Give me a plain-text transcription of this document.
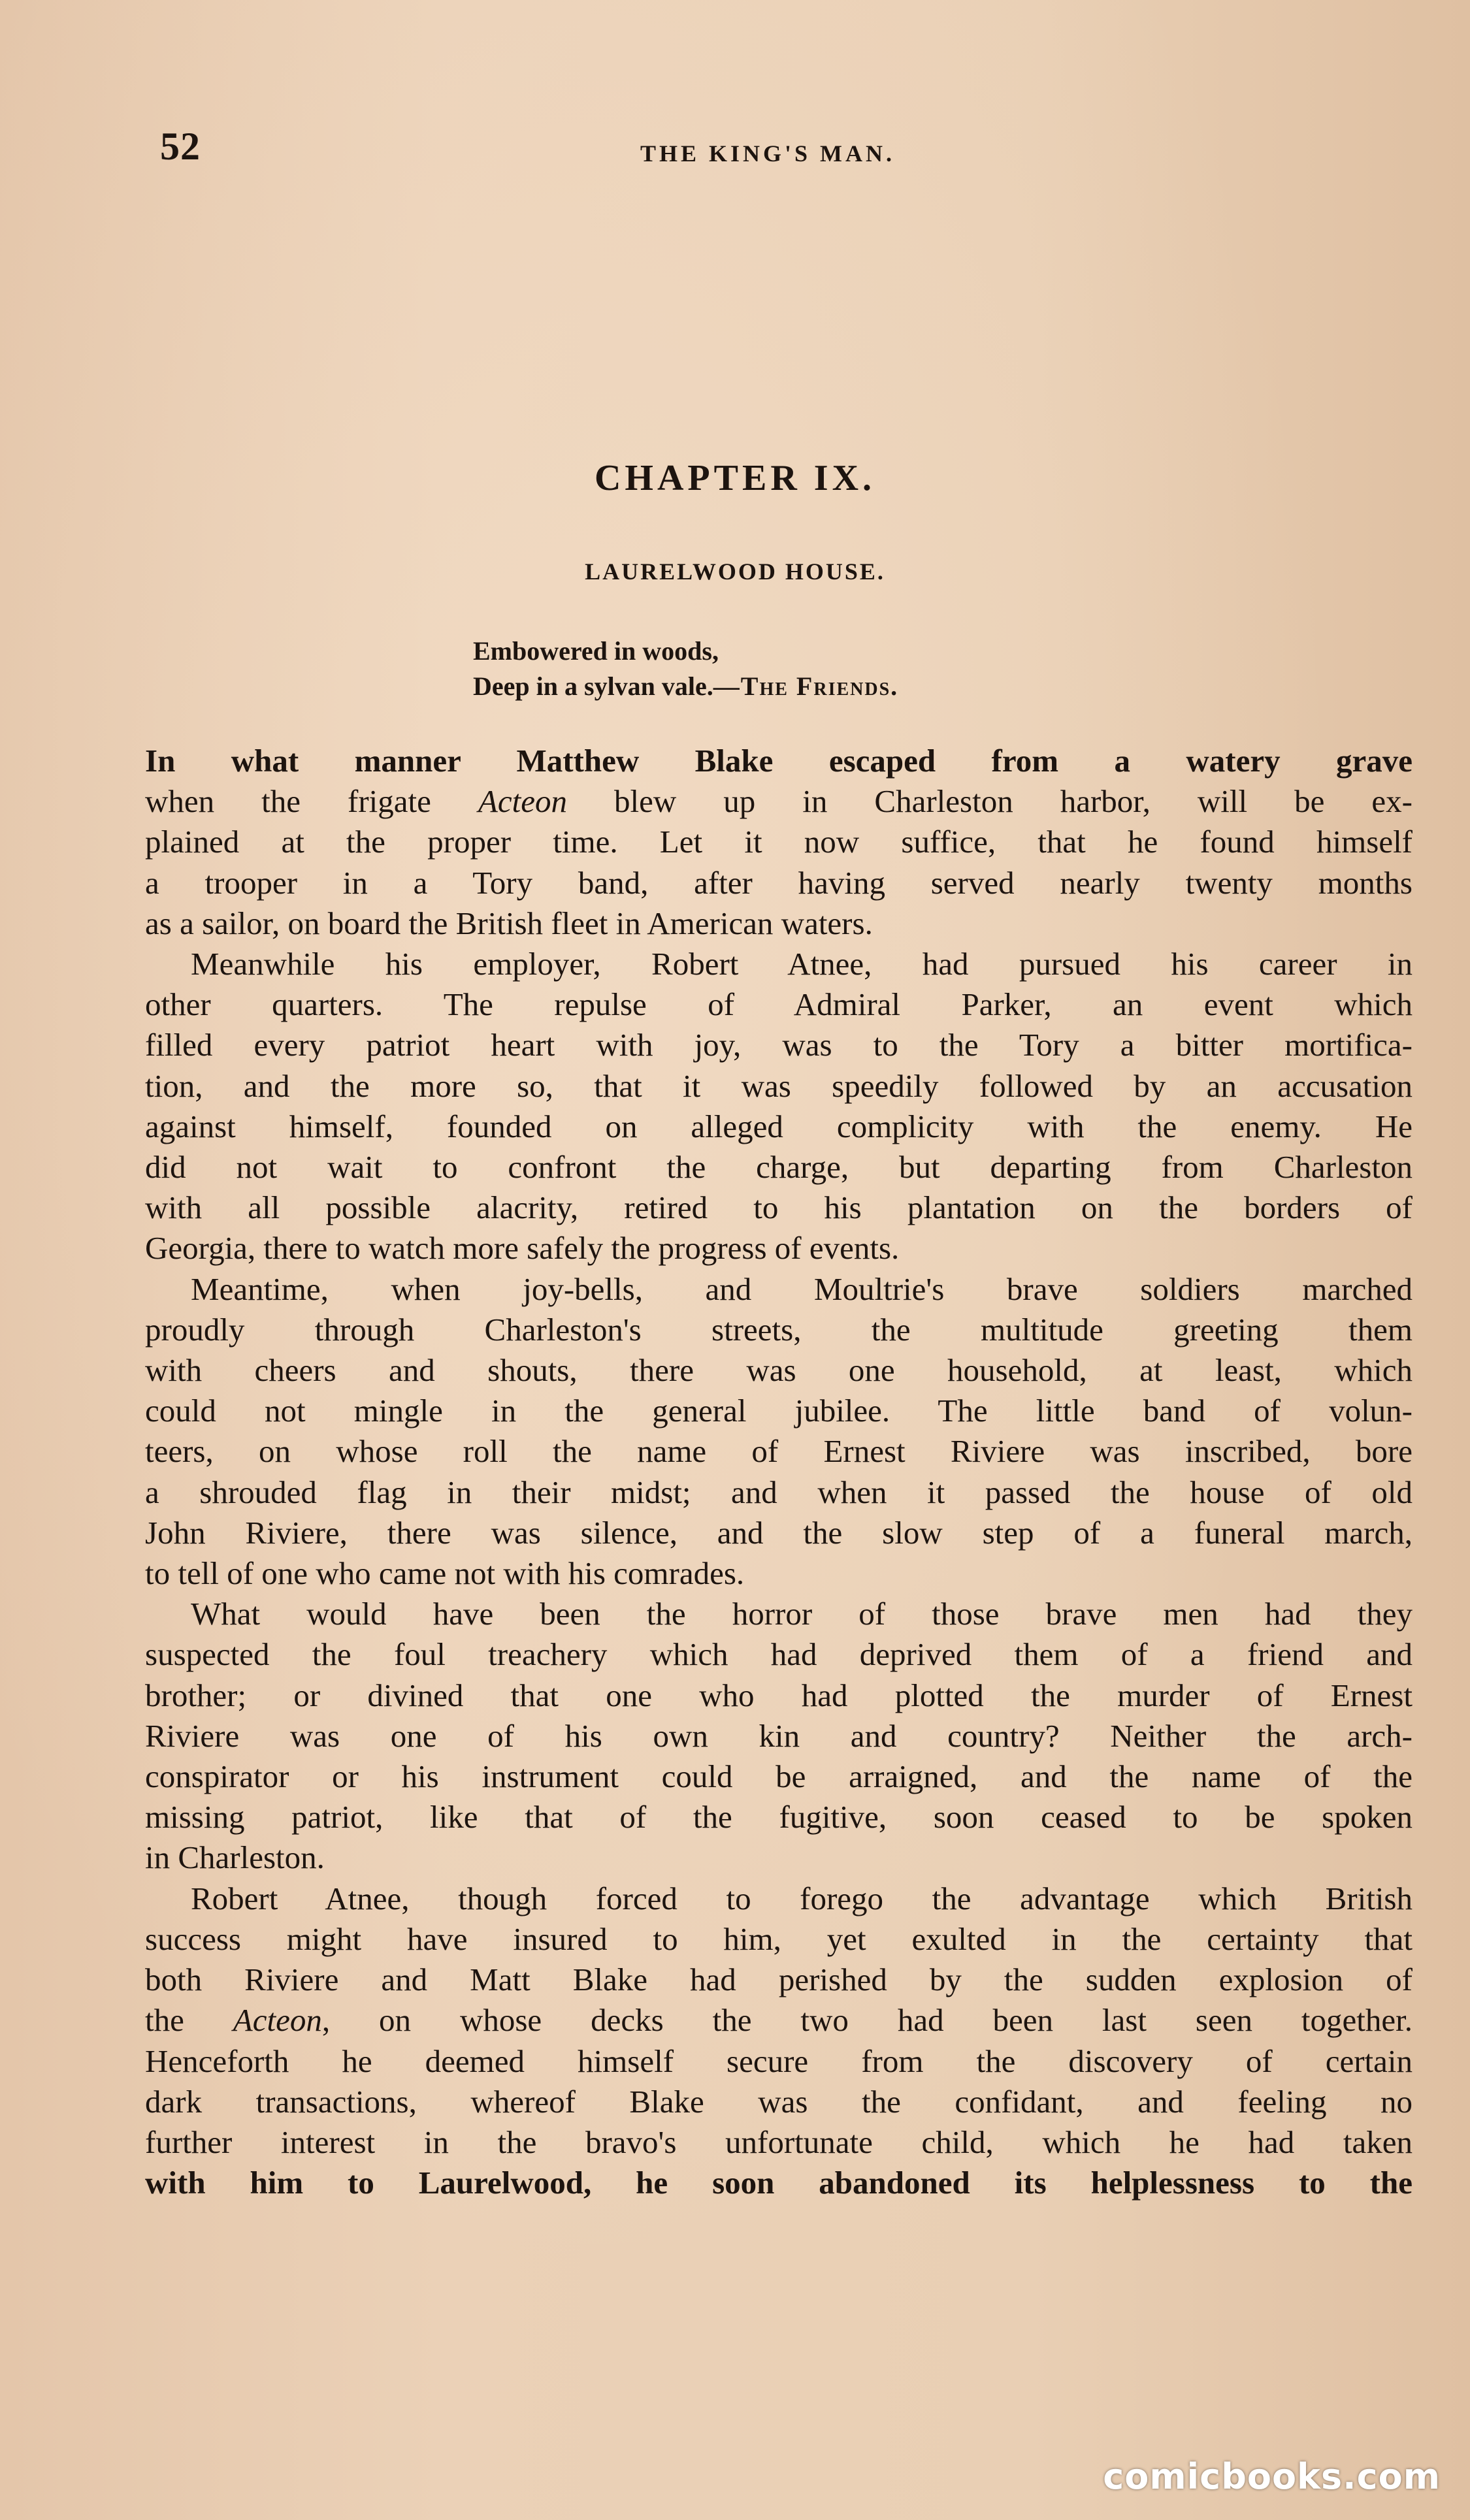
52	THE KING'S MAN.
CHAPTER IX.
LAURELWOOD HOUSE.
Embowered in woods,
Deep in a sylvan vale.—The Friends.
In what manner Matthew Blake escaped from a watery grave
when the frigate Acteon blew up in Charleston harbor, will be ex-
plained at the proper time. Let it now suffice, that he found himself
a trooper in a Tory band, after having served nearly twenty months
as a sailor, on board the British fleet in American waters.
Meanwhile his employer, Robert Atnee, had pursued his career in
other quarters. The repulse of Admiral Parker, an event which
filled every patriot heart with joy, was to the Tory a bitter mortifica-
tion, and the more so, that it was speedily followed by an accusation
against himself, founded on alleged complicity with the enemy. He
did not wait to confront the charge, but departing from Charleston
with all possible alacrity, retired to his plantation on the borders of
Georgia, there to watch more safely the progress of events.
Meantime, when joy-bells, and Moultrie's brave soldiers marched
proudly through Charleston's streets, the multitude greeting them
with cheers and shouts, there was one household, at least, which
could not mingle in the general jubilee. The little band of volun-
teers, on whose roll the name of Ernest Riviere was inscribed, bore
a shrouded flag in their midst; and when it passed the house of old
John Riviere, there was silence, and the slow step of a funeral march,
to tell of one who came not with his comrades.
What would have been the horror of those brave men had they
suspected the foul treachery which had deprived them of a friend and
brother; or divined that one who had plotted the murder of Ernest
Riviere was one of his own kin and country? Neither the arch-
conspirator or his instrument could be arraigned, and the name of the
missing patriot, like that of the fugitive, soon ceased to be spoken
in Charleston.
Robert Atnee, though forced to forego the advantage which British
success might have insured to him, yet exulted in the certainty that
both Riviere and Matt Blake had perished by the sudden explosion of
the Acteon, on whose decks the two had been last seen together.
Henceforth he deemed himself secure from the discovery of certain
dark transactions, whereof Blake was the confidant, and feeling no
further interest in the bravo's unfortunate child, which he had taken
with him to Laurelwood, he soon abandoned its helplessness to the
comicbooks.com
